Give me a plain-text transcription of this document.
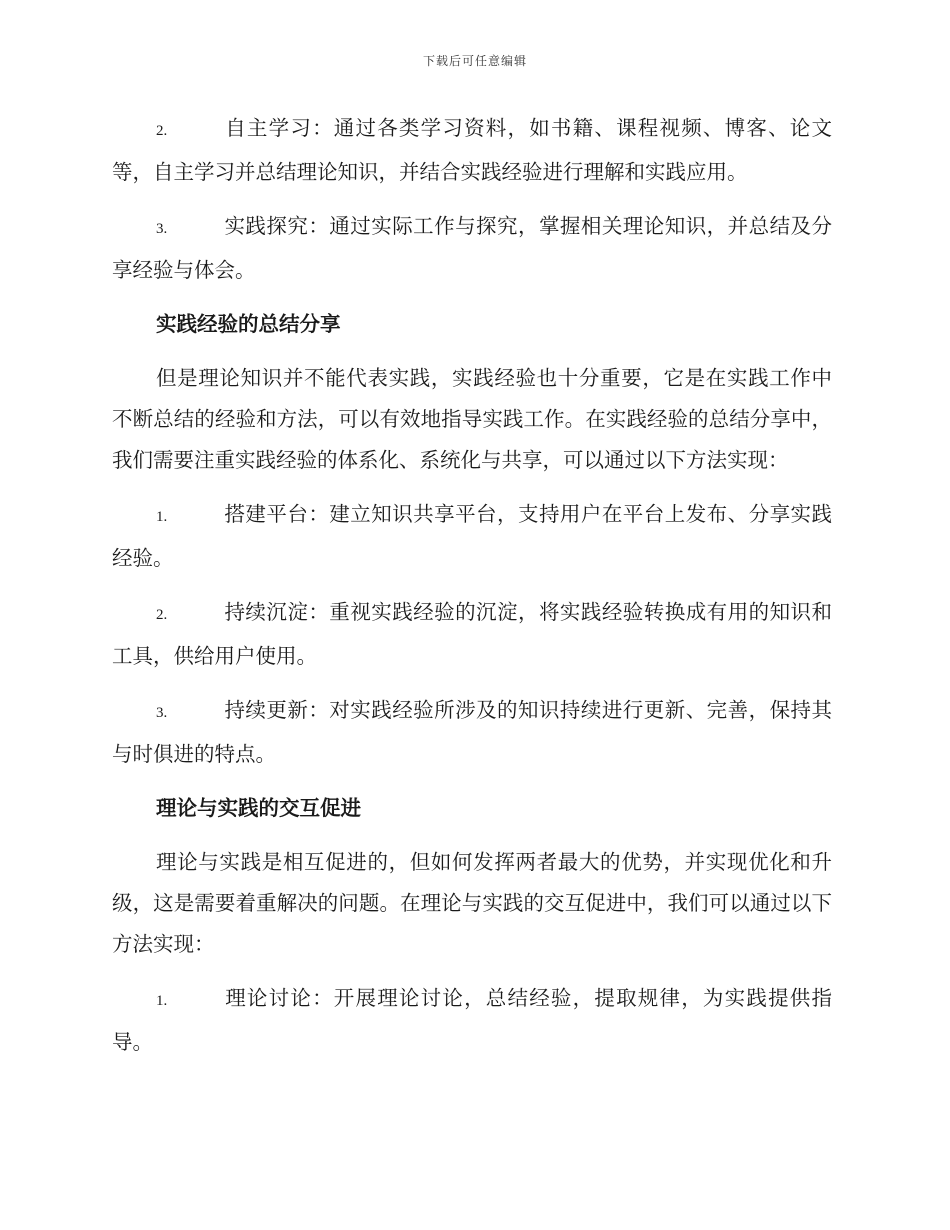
下载后可任意编辑
2.	自主学习：通过各类学习资料，如书籍、课程视频、博客、论文等，自主学习并总结理论知识，并结合实践经验进行理解和实践应用。
3.	实践探究：通过实际工作与探究，掌握相关理论知识，并总结及分享经验与体会。
实践经验的总结分享
但是理论知识并不能代表实践，实践经验也十分重要，它是在实践工作中不断总结的经验和方法，可以有效地指导实践工作。在实践经验的总结分享中，我们需要注重实践经验的体系化、系统化与共享，可以通过以下方法实现：
1.	搭建平台：建立知识共享平台，支持用户在平台上发布、分享实践经验。
2.	持续沉淀：重视实践经验的沉淀，将实践经验转换成有用的知识和工具，供给用户使用。
3.	持续更新：对实践经验所涉及的知识持续进行更新、完善，保持其与时俱进的特点。
理论与实践的交互促进
理论与实践是相互促进的，但如何发挥两者最大的优势，并实现优化和升级，这是需要着重解决的问题。在理论与实践的交互促进中，我们可以通过以下方法实现：
1.	理论讨论：开展理论讨论，总结经验，提取规律，为实践提供指导。
